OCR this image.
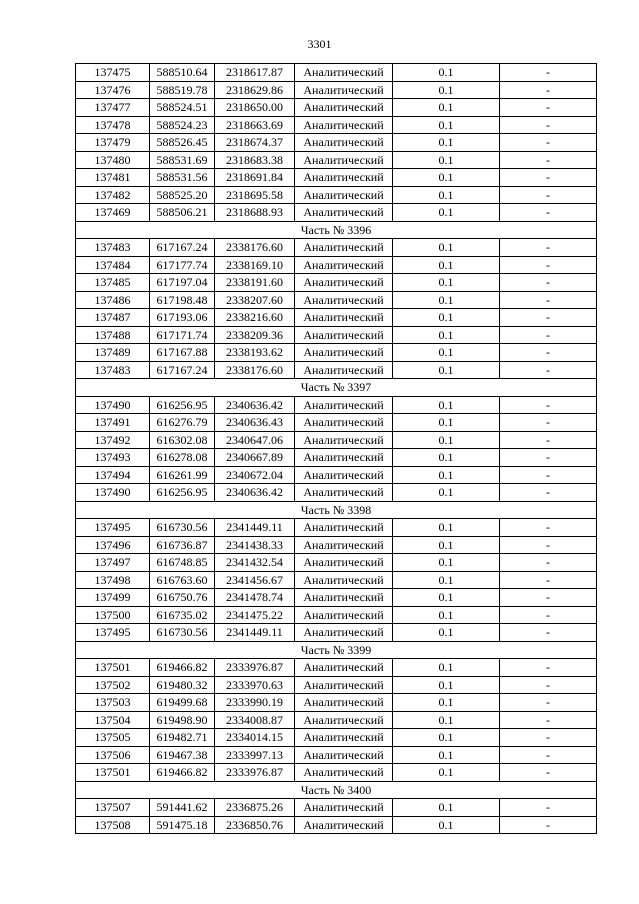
3301
137475	588510.64	2318617.87	Аналитический	0.1	-
137476	588519.78	2318629.86	Аналитический	0.1	-
137477	588524.51	2318650.00	Аналитический	0.1	-
137478	588524.23	2318663.69	Аналитический	0.1	-
137479	588526.45	2318674.37	Аналитический	0.1	-
137480	588531.69	2318683.38	Аналитический	0.1	-
137481	588531.56	2318691.84	Аналитический	0.1	-
137482	588525.20	2318695.58	Аналитический	0.1	-
137469	588506.21	2318688.93	Аналитический	0.1	-
Часть № 3396					
137483	617167.24	2338176.60	Аналитический	0.1	-
137484	617177.74	2338169.10	Аналитический	0.1	-
137485	617197.04	2338191.60	Аналитический	0.1	-
137486	617198.48	2338207.60	Аналитический	0.1	-
137487	617193.06	2338216.60	Аналитический	0.1	-
137488	617171.74	2338209.36	Аналитический	0.1	-
137489	617167.88	2338193.62	Аналитический	0.1	-
137483	617167.24	2338176.60	Аналитический	0.1	-
Часть № 3397					
137490	616256.95	2340636.42	Аналитический	0.1	-
137491	616276.79	2340636.43	Аналитический	0.1	-
137492	616302.08	2340647.06	Аналитический	0.1	-
137493	616278.08	2340667.89	Аналитический	0.1	-
137494	616261.99	2340672.04	Аналитический	0.1	-
137490	616256.95	2340636.42	Аналитический	0.1	-
Часть № 3398					
137495	616730.56	2341449.11	Аналитический	0.1	-
137496	616736.87	2341438.33	Аналитический	0.1	-
137497	616748.85	2341432.54	Аналитический	0.1	-
137498	616763.60	2341456.67	Аналитический	0.1	-
137499	616750.76	2341478.74	Аналитический	0.1	-
137500	616735.02	2341475.22	Аналитический	0.1	-
137495	616730.56	2341449.11	Аналитический	0.1	-
Часть № 3399					
137501	619466.82	2333976.87	Аналитический	0.1	-
137502	619480.32	2333970.63	Аналитический	0.1	-
137503	619499.68	2333990.19	Аналитический	0.1	-
137504	619498.90	2334008.87	Аналитический	0.1	-
137505	619482.71	2334014.15	Аналитический	0.1	-
137506	619467.38	2333997.13	Аналитический	0.1	-
137501	619466.82	2333976.87	Аналитический	0.1	-
Часть № 3400					
137507	591441.62	2336875.26	Аналитический	0.1	-
137508	591475.18	2336850.76	Аналитический	0.1	-
